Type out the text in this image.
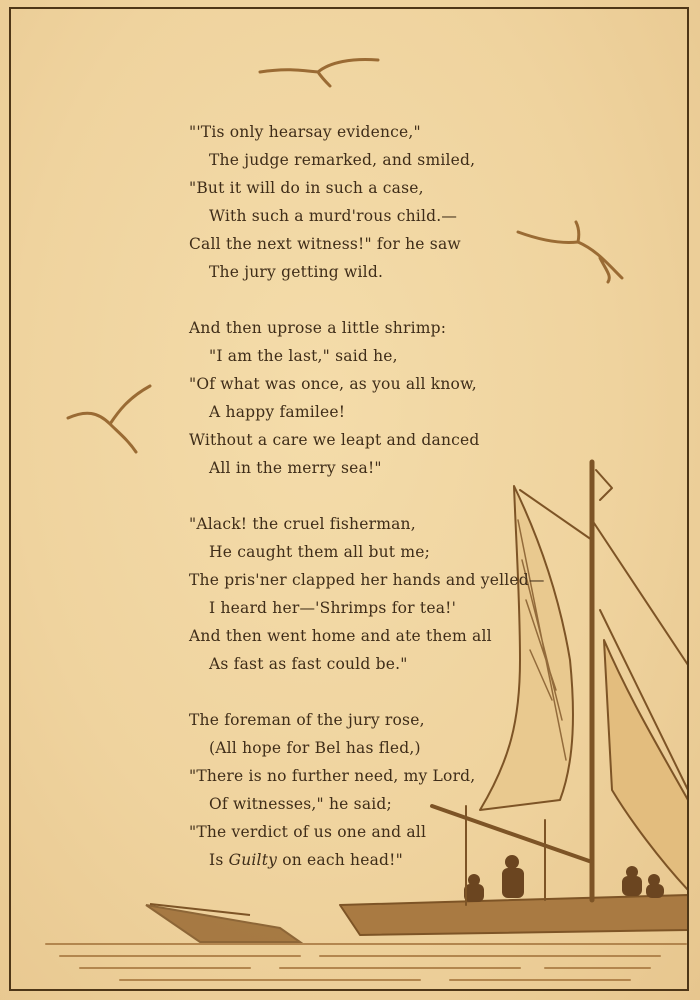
"'Tis only hearsay evidence,"
The judge remarked, and smiled,
"But it will do in such a case,
With such a murd'rous child.—
Call the next witness!" for he saw
The jury getting wild.
And then uprose a little shrimp:
"I am the last," said he,
"Of what was once, as you all know,
A happy familee!
Without a care we leapt and danced
All in the merry sea!"
"Alack! the cruel fisherman,
He caught them all but me;
The pris'ner clapped her hands and yelled—
I heard her—'Shrimps for tea!'
And then went home and ate them all
As fast as fast could be."
The foreman of the jury rose,
(All hope for Bel has fled,)
"There is no further need, my Lord,
Of witnesses," he said;
"The verdict of us one and all
Is Guilty on each head!"
